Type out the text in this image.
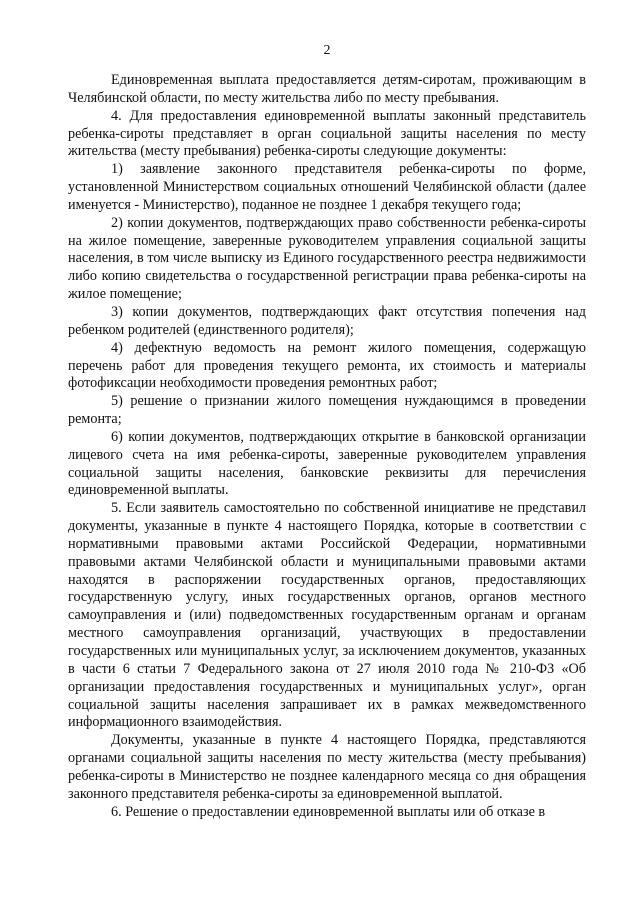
2

Единовременная выплата предоставляется детям-сиротам, проживающим в Челябинской области, по месту жительства либо по месту пребывания.

4. Для предоставления единовременной выплаты законный представитель ребенка-сироты представляет в орган социальной защиты населения по месту жительства (месту пребывания) ребенка-сироты следующие документы:

1) заявление законного представителя ребенка-сироты по форме, установленной Министерством социальных отношений Челябинской области (далее именуется - Министерство), поданное не позднее 1 декабря текущего года;

2) копии документов, подтверждающих право собственности ребенка-сироты на жилое помещение, заверенные руководителем управления социальной защиты населения, в том числе выписку из Единого государственного реестра недвижимости либо копию свидетельства о государственной регистрации права ребенка-сироты на жилое помещение;

3) копии документов, подтверждающих факт отсутствия попечения над ребенком родителей (единственного родителя);

4) дефектную ведомость на ремонт жилого помещения, содержащую перечень работ для проведения текущего ремонта, их стоимость и материалы фотофиксации необходимости проведения ремонтных работ;

5) решение о признании жилого помещения нуждающимся в проведении ремонта;

6) копии документов, подтверждающих открытие в банковской организации лицевого счета на имя ребенка-сироты, заверенные руководителем управления социальной защиты населения, банковские реквизиты для перечисления единовременной выплаты.

5. Если заявитель самостоятельно по собственной инициативе не представил документы, указанные в пункте 4 настоящего Порядка, которые в соответствии с нормативными правовыми актами Российской Федерации, нормативными правовыми актами Челябинской области и муниципальными правовыми актами находятся в распоряжении государственных органов, предоставляющих государственную услугу, иных государственных органов, органов местного самоуправления и (или) подведомственных государственным органам и органам местного самоуправления организаций, участвующих в предоставлении государственных или муниципальных услуг, за исключением документов, указанных в части 6 статьи 7 Федерального закона от 27 июля 2010 года № 210-ФЗ «Об организации предоставления государственных и муниципальных услуг», орган социальной защиты населения запрашивает их в рамках межведомственного информационного взаимодействия.

Документы, указанные в пункте 4 настоящего Порядка, представляются органами социальной защиты населения по месту жительства (месту пребывания) ребенка-сироты в Министерство не позднее календарного месяца со дня обращения законного представителя ребенка-сироты за единовременной выплатой.

6. Решение о предоставлении единовременной выплаты или об отказе в
